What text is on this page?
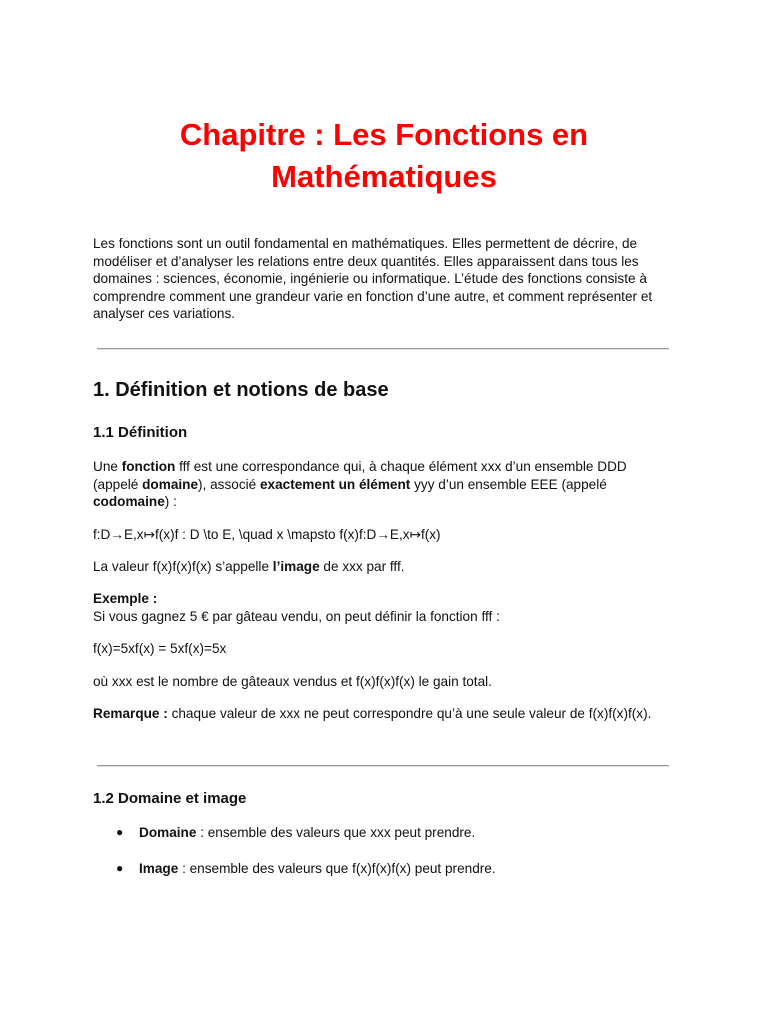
Chapitre : Les Fonctions en Mathématiques

Les fonctions sont un outil fondamental en mathématiques. Elles permettent de décrire, de modéliser et d’analyser les relations entre deux quantités. Elles apparaissent dans tous les domaines : sciences, économie, ingénierie ou informatique. L’étude des fonctions consiste à comprendre comment une grandeur varie en fonction d’une autre, et comment représenter et analyser ces variations.

1. Définition et notions de base
1.1 Définition

Une fonction fff est une correspondance qui, à chaque élément xxx d’un ensemble DDD (appelé domaine), associé exactement un élément yyy d’un ensemble EEE (appelé codomaine) :

f:D→E,x↦f(x)f : D \to E, \quad x \mapsto f(x)f:D→E,x↦f(x)

La valeur f(x)f(x)f(x) s’appelle l’image de xxx par fff.

Exemple :
Si vous gagnez 5 € par gâteau vendu, on peut définir la fonction fff :

f(x)=5xf(x) = 5xf(x)=5x

où xxx est le nombre de gâteaux vendus et f(x)f(x)f(x) le gain total.

Remarque : chaque valeur de xxx ne peut correspondre qu’à une seule valeur de f(x)f(x)f(x).

1.2 Domaine et image
● Domaine : ensemble des valeurs que xxx peut prendre.
● Image : ensemble des valeurs que f(x)f(x)f(x) peut prendre.
